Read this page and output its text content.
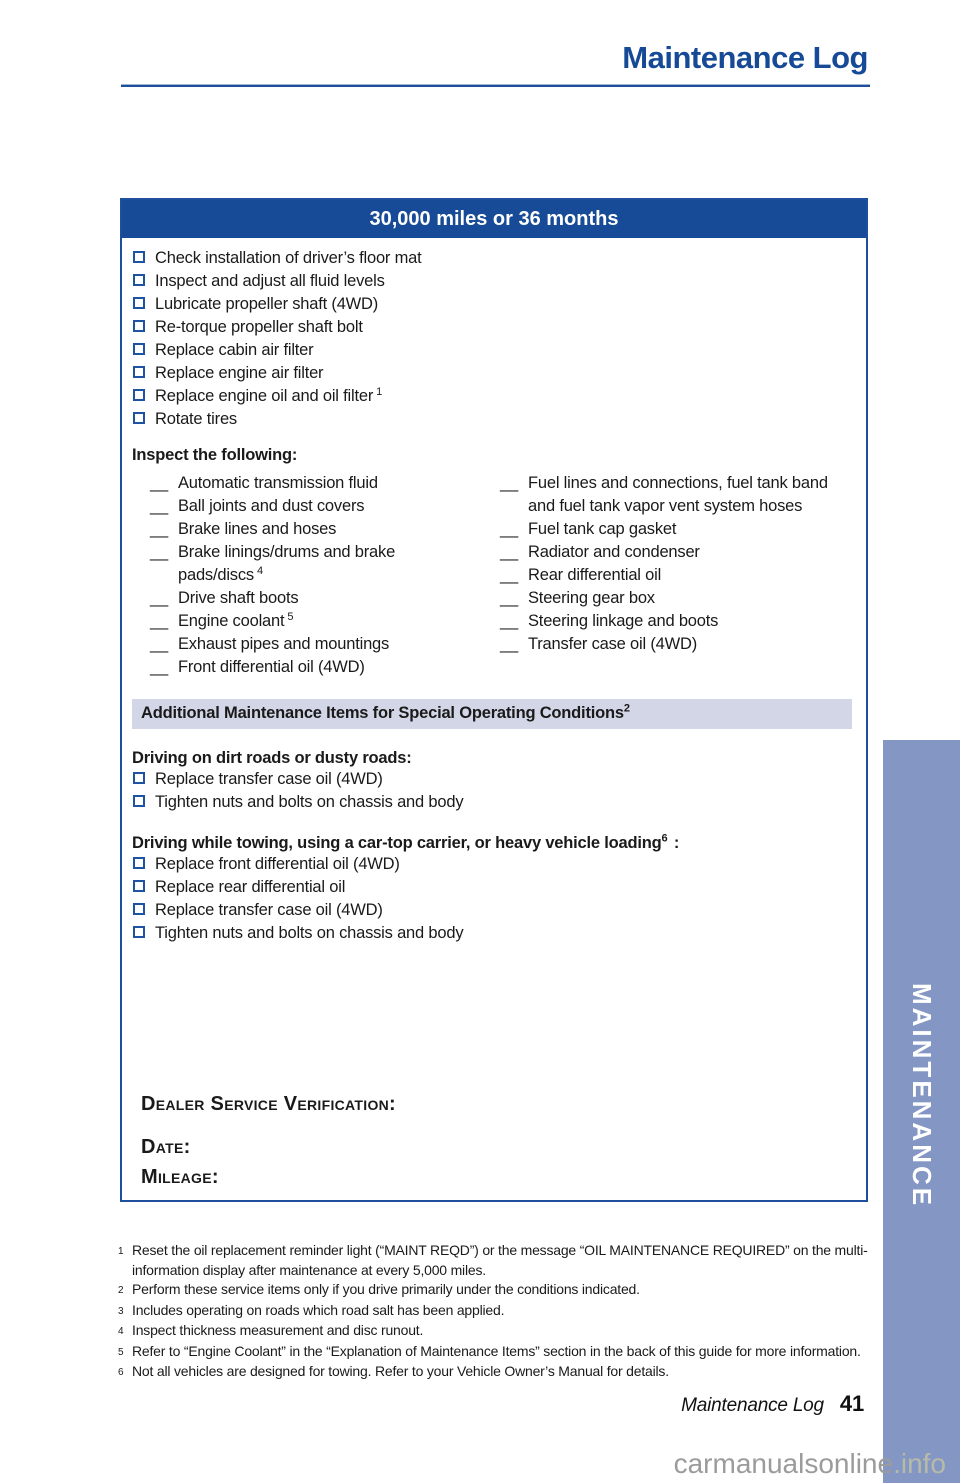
Maintenance Log
30,000 miles or 36 months
Check installation of driver’s floor mat
Inspect and adjust all fluid levels
Lubricate propeller shaft (4WD)
Re-torque propeller shaft bolt
Replace cabin air filter
Replace engine air filter
Replace engine oil and oil filter $^1$
Rotate tires
Inspect the following:
__ Automatic transmission fluid
__ Ball joints and dust covers
__ Brake lines and hoses
__ Brake linings/drums and brake pads/discs $^4$
__ Drive shaft boots
__ Engine coolant $^5$
__ Exhaust pipes and mountings
__ Front differential oil (4WD)
__ Fuel lines and connections, fuel tank band and fuel tank vapor vent system hoses
__ Fuel tank cap gasket
__ Radiator and condenser
__ Rear differential oil
__ Steering gear box
__ Steering linkage and boots
__ Transfer case oil (4WD)
Additional Maintenance Items for Special Operating Conditions$^2$
Driving on dirt roads or dusty roads:
Replace transfer case oil (4WD)
Tighten nuts and bolts on chassis and body
Driving while towing, using a car-top carrier, or heavy vehicle loading$^6$ :
Replace front differential oil (4WD)
Replace rear differential oil
Replace transfer case oil (4WD)
Tighten nuts and bolts on chassis and body
Dealer Service Verification:
Date:
Mileage:
1 Reset the oil replacement reminder light (“MAINT REQD”) or the message “OIL MAINTENANCE REQUIRED” on the multi-information display after maintenance at every 5,000 miles.
2 Perform these service items only if you drive primarily under the conditions indicated.
3 Includes operating on roads which road salt has been applied.
4 Inspect thickness measurement and disc runout.
5 Refer to “Engine Coolant” in the “Explanation of Maintenance Items” section in the back of this guide for more information.
6 Not all vehicles are designed for towing. Refer to your Vehicle Owner’s Manual for details.
Maintenance Log 41
MAINTENANCE
carmanualsonline.info
